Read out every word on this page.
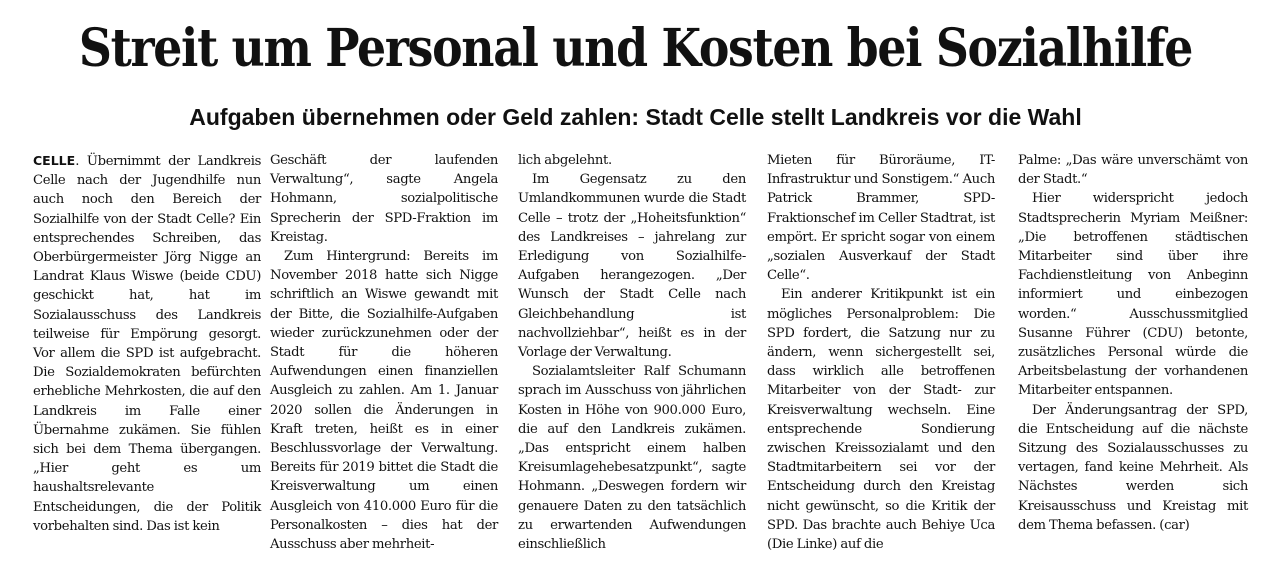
Streit um Personal und Kosten bei Sozialhilfe
Aufgaben übernehmen oder Geld zahlen: Stadt Celle stellt Landkreis vor die Wahl

CELLE. Übernimmt der Landkreis Celle nach der Jugendhilfe nun auch noch den Bereich der Sozialhilfe von der Stadt Celle? Ein entsprechendes Schreiben, das Oberbürgermeister Jörg Nigge an Landrat Klaus Wiswe (beide CDU) geschickt hat, hat im Sozialausschuss des Landkreis teilweise für Empörung gesorgt. Vor allem die SPD ist aufgebracht. Die Sozialdemokraten befürchten erhebliche Mehrkosten, die auf den Landkreis im Falle einer Übernahme zukämen. Sie fühlen sich bei dem Thema übergangen. „Hier geht es um haushaltsrelevante Entscheidungen, die der Politik vorbehalten sind. Das ist kein

Geschäft der laufenden Verwaltung“, sagte Angela Hohmann, sozialpolitische Sprecherin der SPD-Fraktion im Kreistag.

Zum Hintergrund: Bereits im November 2018 hatte sich Nigge schriftlich an Wiswe gewandt mit der Bitte, die Sozialhilfe-Aufgaben wieder zurückzunehmen oder der Stadt für die höheren Aufwendungen einen finanziellen Ausgleich zu zahlen. Am 1. Januar 2020 sollen die Änderungen in Kraft treten, heißt es in einer Beschlussvorlage der Verwaltung. Bereits für 2019 bittet die Stadt die Kreisverwaltung um einen Ausgleich von 410.000 Euro für die Personalkosten – dies hat der Ausschuss aber mehrheit-

lich abgelehnt.

Im Gegensatz zu den Umlandkommunen wurde die Stadt Celle – trotz der „Hoheitsfunktion“ des Landkreises – jahrelang zur Erledigung von Sozialhilfe-Aufgaben herangezogen. „Der Wunsch der Stadt Celle nach Gleichbehandlung ist nachvollziehbar“, heißt es in der Vorlage der Verwaltung.

Sozialamtsleiter Ralf Schumann sprach im Ausschuss von jährlichen Kosten in Höhe von 900.000 Euro, die auf den Landkreis zukämen. „Das entspricht einem halben Kreisumlagehebesatzpunkt“, sagte Hohmann. „Deswegen fordern wir genauere Daten zu den tatsächlich zu erwartenden Aufwendungen einschließlich

Mieten für Büroräume, IT-Infrastruktur und Sonstigem.“ Auch Patrick Brammer, SPD-Fraktionschef im Celler Stadtrat, ist empört. Er spricht sogar von einem „sozialen Ausverkauf der Stadt Celle“.

Ein anderer Kritikpunkt ist ein mögliches Personalproblem: Die SPD fordert, die Satzung nur zu ändern, wenn sichergestellt sei, dass wirklich alle betroffenen Mitarbeiter von der Stadt- zur Kreisverwaltung wechseln. Eine entsprechende Sondierung zwischen Kreissozialamt und den Stadtmitarbeitern sei vor der Entscheidung durch den Kreistag nicht gewünscht, so die Kritik der SPD. Das brachte auch Behiye Uca (Die Linke) auf die

Palme: „Das wäre unverschämt von der Stadt.“

Hier widerspricht jedoch Stadtsprecherin Myriam Meißner: „Die betroffenen städtischen Mitarbeiter sind über ihre Fachdienstleitung von Anbeginn informiert und einbezogen worden.“ Ausschussmitglied Susanne Führer (CDU) betonte, zusätzliches Personal würde die Arbeitsbelastung der vorhandenen Mitarbeiter entspannen.

Der Änderungsantrag der SPD, die Entscheidung auf die nächste Sitzung des Sozialausschusses zu vertagen, fand keine Mehrheit. Als Nächstes werden sich Kreisausschuss und Kreistag mit dem Thema befassen. (car)
